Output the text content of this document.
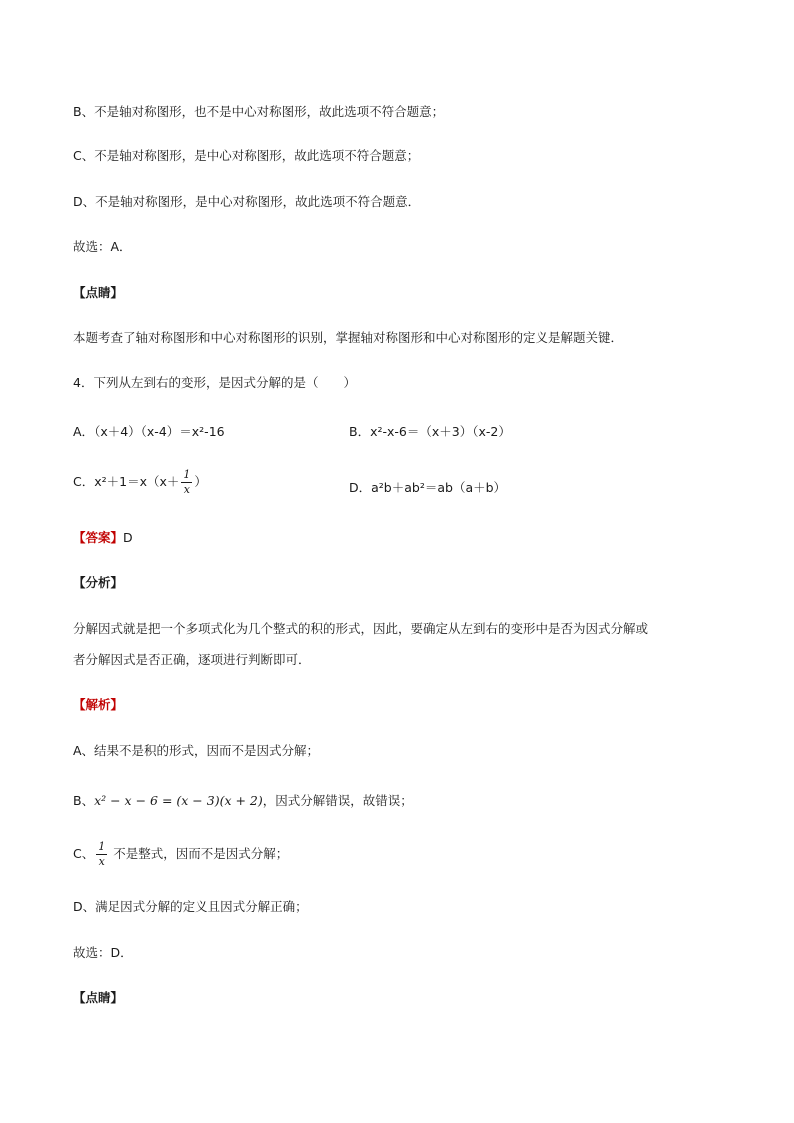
B、不是轴对称图形，也不是中心对称图形，故此选项不符合题意；
C、不是轴对称图形，是中心对称图形，故此选项不符合题意；
D、不是轴对称图形，是中心对称图形，故此选项不符合题意．
故选：A．
【点睛】
本题考查了轴对称图形和中心对称图形的识别，掌握轴对称图形和中心对称图形的定义是解题关键．
4．下列从左到右的变形，是因式分解的是（　　）
A．（x＋4）（x-4）＝x²-16	B．x²-x-6＝（x＋3）（x-2）
C．$x^2+1=x(x+ \frac{1}{x}$ ）	D．a²b＋ab²＝ab（a＋b）
【答案】D
【分析】
分解因式就是把一个多项式化为几个整式的积的形式，因此，要确定从左到右的变形中是否为因式分解或
者分解因式是否正确，逐项进行判断即可．
【解析】
A、结果不是积的形式，因而不是因式分解；
B、x² − x − 6 = (x − 3)(x + 2)，因式分解错误，故错误；
C、 $\frac{1}{x}$ 不是整式，因而不是因式分解；
D、满足因式分解的定义且因式分解正确；
故选：D．
【点睛】
